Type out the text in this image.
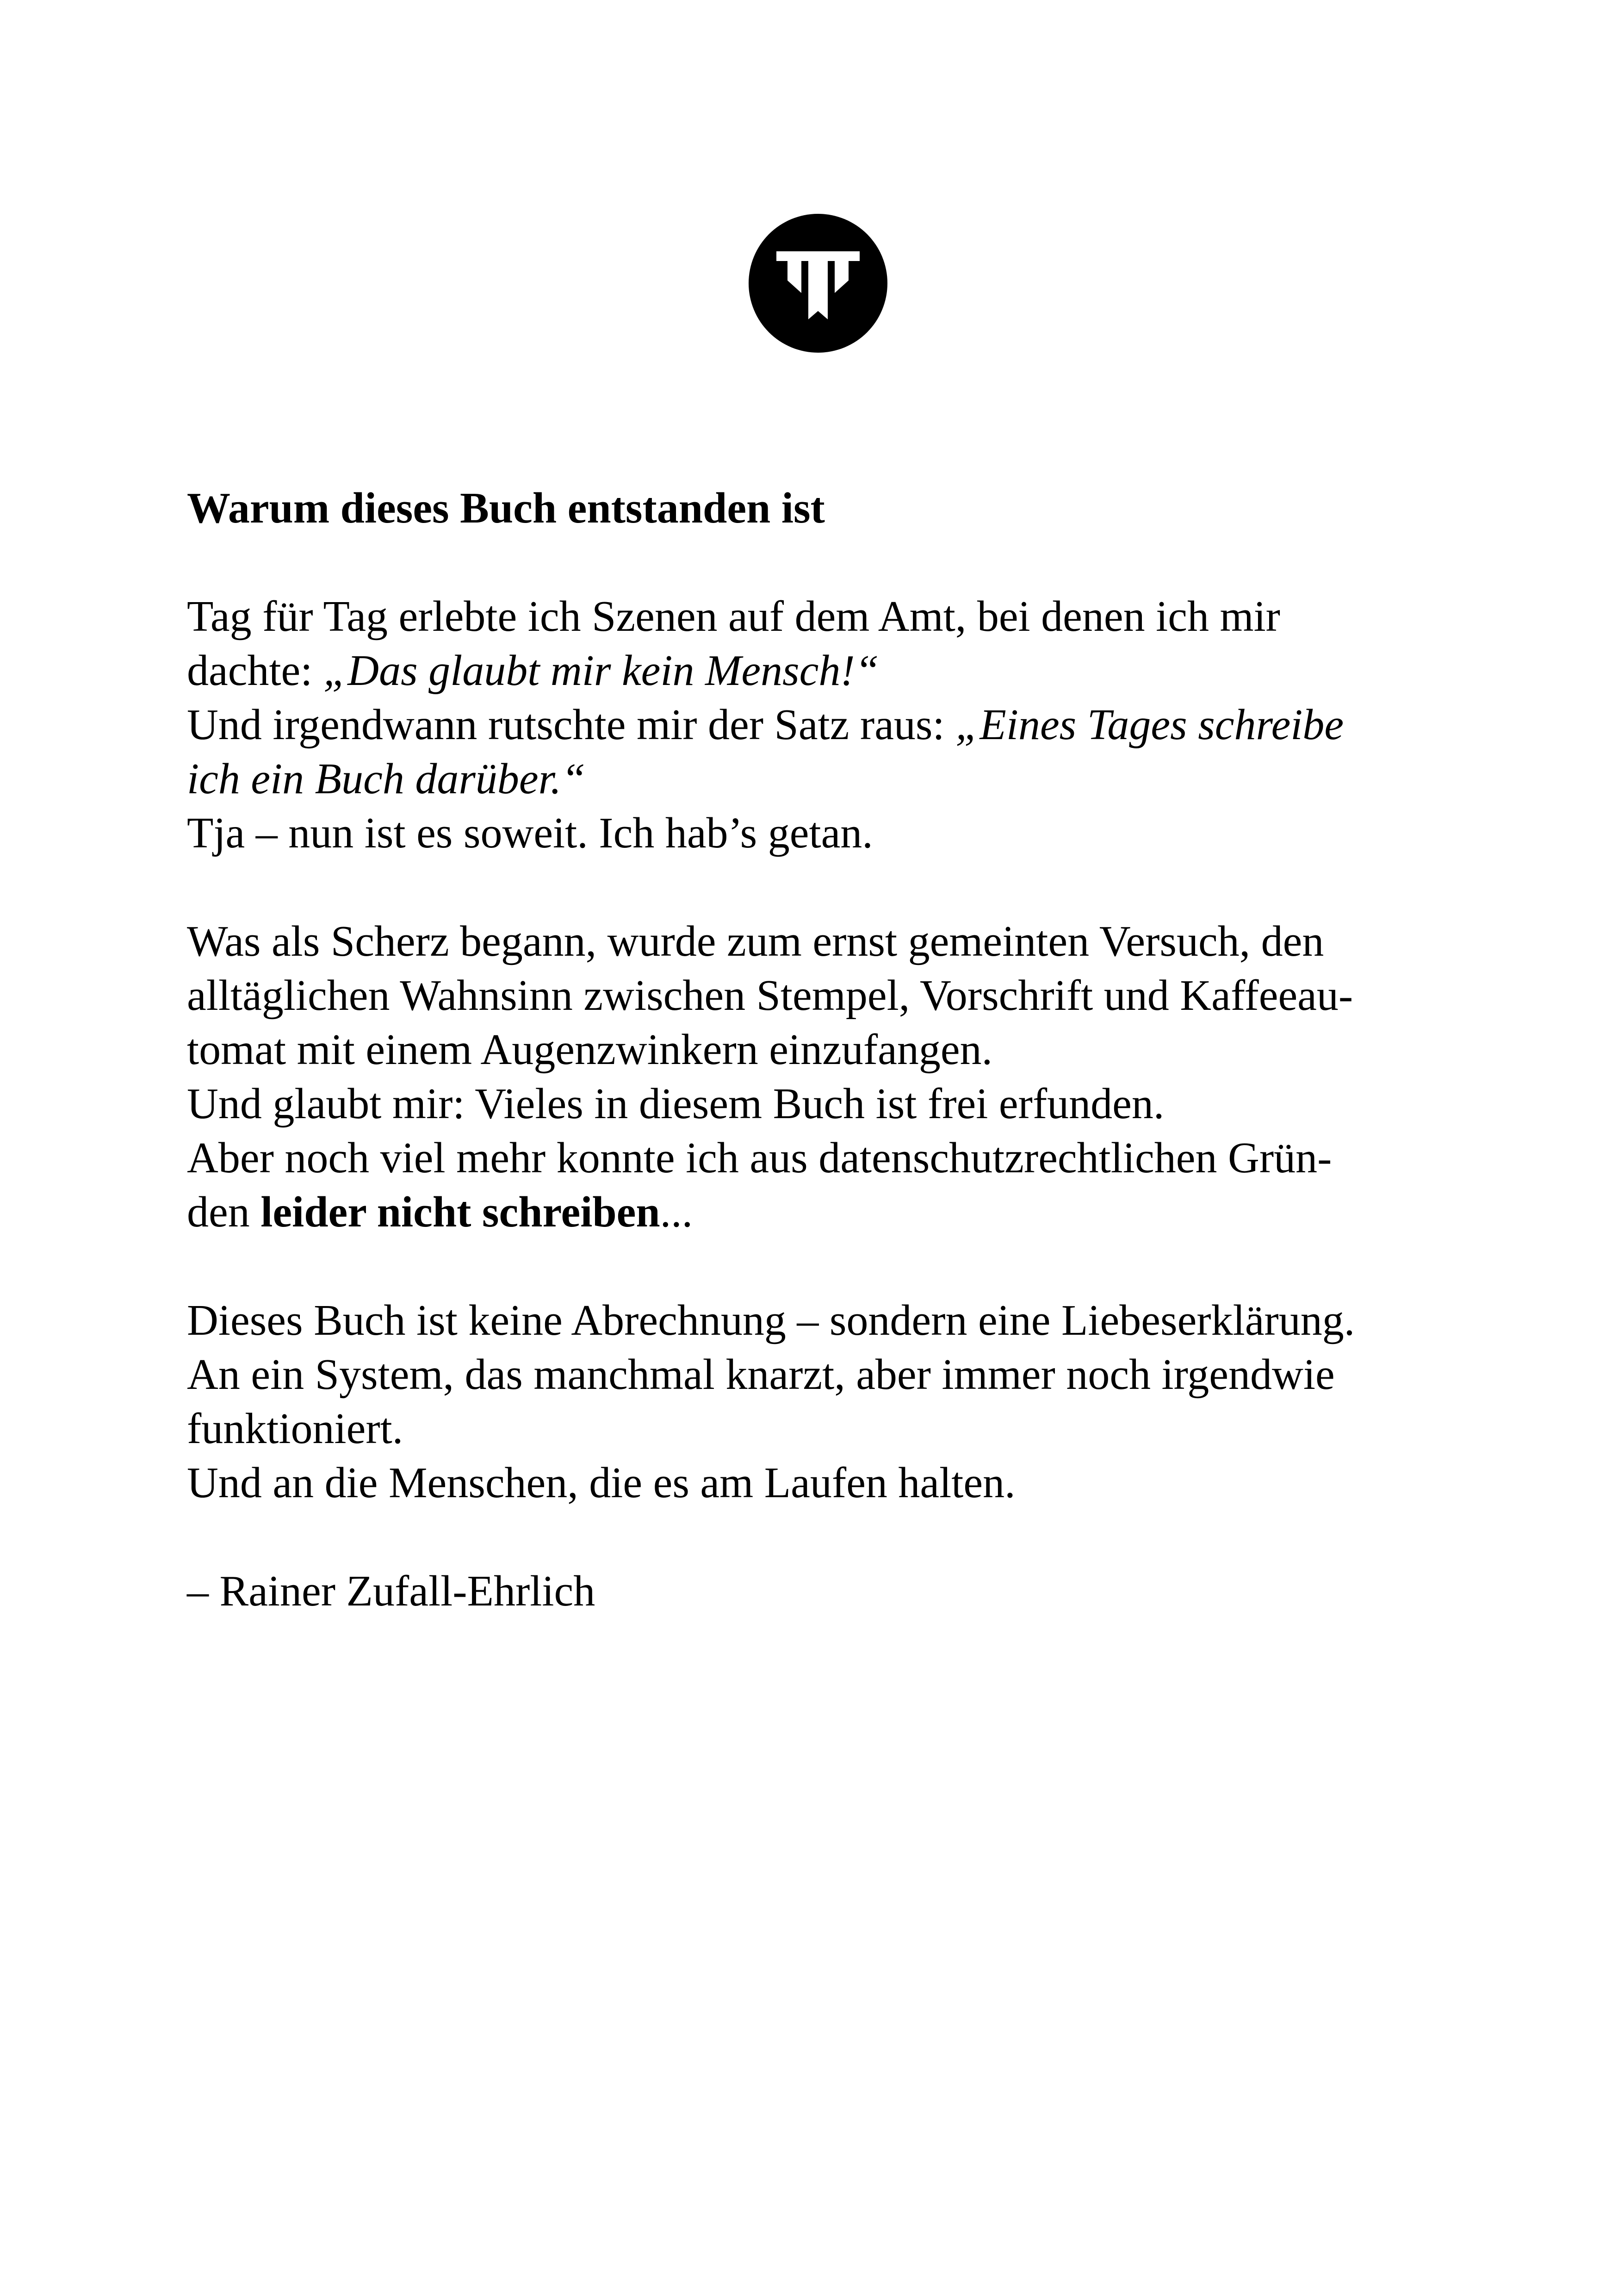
Warum dieses Buch entstanden ist
Tag für Tag erlebte ich Szenen auf dem Amt, bei denen ich mir
dachte: „Das glaubt mir kein Mensch!“
Und irgendwann rutschte mir der Satz raus: „Eines Tages schreibe
ich ein Buch darüber.“
Tja – nun ist es soweit. Ich hab’s getan.
Was als Scherz begann, wurde zum ernst gemeinten Versuch, den
alltäglichen Wahnsinn zwischen Stempel, Vorschrift und Kaffeeau-
tomat mit einem Augenzwinkern einzufangen.
Und glaubt mir: Vieles in diesem Buch ist frei erfunden.
Aber noch viel mehr konnte ich aus datenschutzrechtlichen Grün-
den leider nicht schreiben...
Dieses Buch ist keine Abrechnung – sondern eine Liebeserklärung.
An ein System, das manchmal knarzt, aber immer noch irgendwie
funktioniert.
Und an die Menschen, die es am Laufen halten.
– Rainer Zufall-Ehrlich
